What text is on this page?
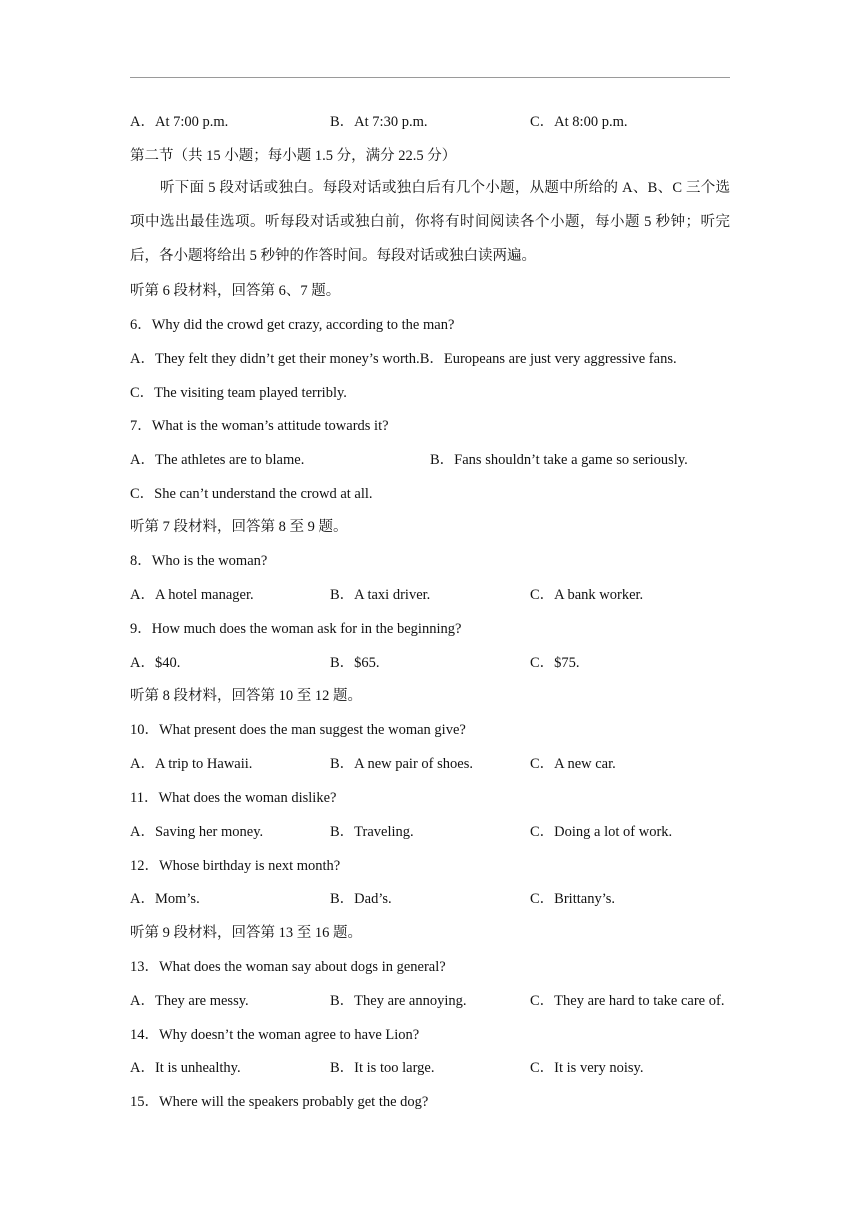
A．At 7:00 p.m.	B．At 7:30 p.m.	C．At 8:00 p.m.
第二节（共 15 小题；每小题 1.5 分，满分 22.5 分）
听下面 5 段对话或独白。每段对话或独白后有几个小题，从题中所给的 A、B、C 三个选项中选出最佳选项。听每段对话或独白前，你将有时间阅读各个小题，每小题 5 秒钟；听完后，各小题将给出 5 秒钟的作答时间。每段对话或独白读两遍。
听第 6 段材料，回答第 6、7 题。
6．Why did the crowd get crazy, according to the man?
A．They felt they didn’t get their money’s worth.B．Europeans are just very aggressive fans.
C．The visiting team played terribly.
7．What is the woman’s attitude towards it?
A．The athletes are to blame.	B．Fans shouldn’t take a game so seriously.
C．She can’t understand the crowd at all.
听第 7 段材料，回答第 8 至 9 题。
8．Who is the woman?
A．A hotel manager.	B．A taxi driver.	C．A bank worker.
9．How much does the woman ask for in the beginning?
A．$40.	B．$65.	C．$75.
听第 8 段材料，回答第 10 至 12 题。
10．What present does the man suggest the woman give?
A．A trip to Hawaii.	B．A new pair of shoes.	C．A new car.
11．What does the woman dislike?
A．Saving her money.	B．Traveling.	C．Doing a lot of work.
12．Whose birthday is next month?
A．Mom’s.	B．Dad’s.	C．Brittany’s.
听第 9 段材料，回答第 13 至 16 题。
13．What does the woman say about dogs in general?
A．They are messy.	B．They are annoying.	C．They are hard to take care of.
14．Why doesn’t the woman agree to have Lion?
A．It is unhealthy.	B．It is too large.	C．It is very noisy.
15．Where will the speakers probably get the dog?
